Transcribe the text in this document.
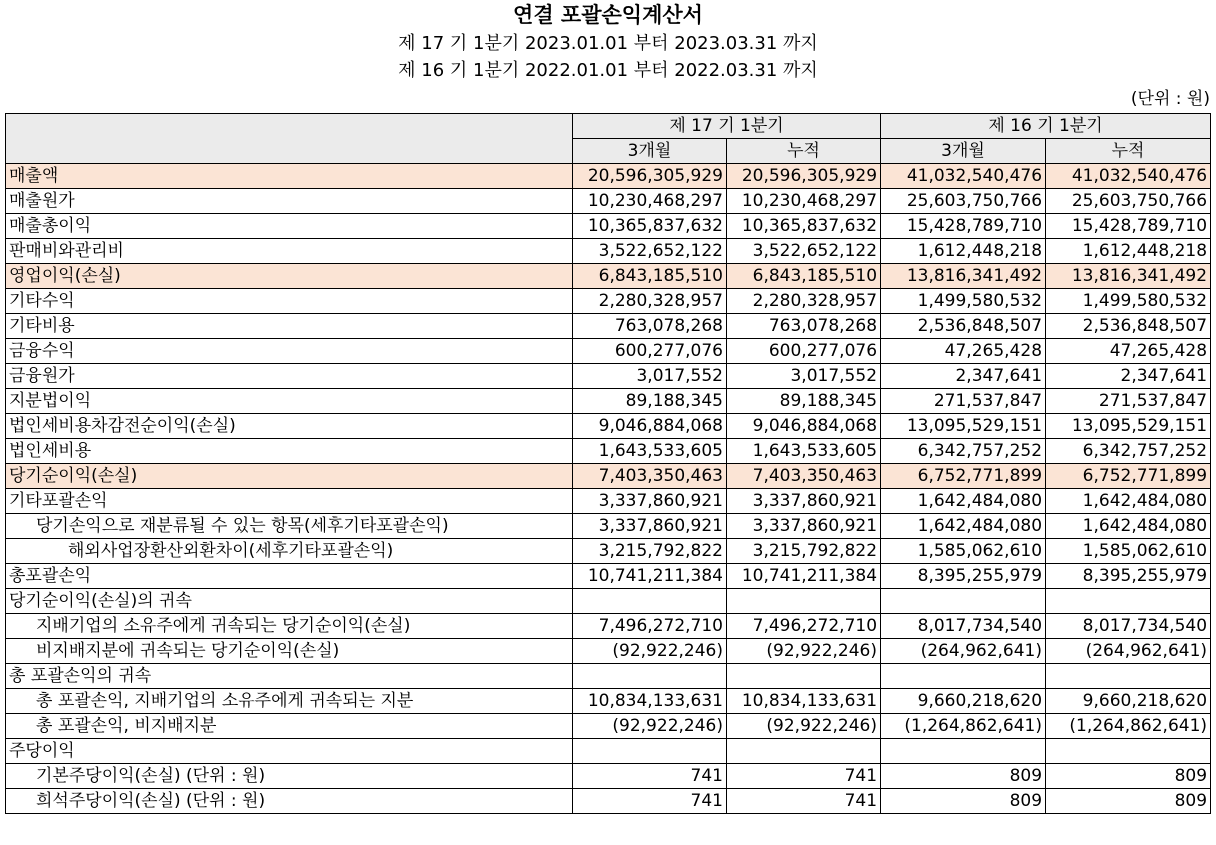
연결 포괄손익계산서
제 17 기 1분기 2023.01.01 부터 2023.03.31 까지
제 16 기 1분기 2022.01.01 부터 2022.03.31 까지
(단위 : 원)
	제 17 기 1분기		제 16 기 1분기	
	3개월	누적	3개월	누적
매출액	20,596,305,929	20,596,305,929	41,032,540,476	41,032,540,476
매출원가	10,230,468,297	10,230,468,297	25,603,750,766	25,603,750,766
매출총이익	10,365,837,632	10,365,837,632	15,428,789,710	15,428,789,710
판매비와관리비	3,522,652,122	3,522,652,122	1,612,448,218	1,612,448,218
영업이익(손실)	6,843,185,510	6,843,185,510	13,816,341,492	13,816,341,492
기타수익	2,280,328,957	2,280,328,957	1,499,580,532	1,499,580,532
기타비용	763,078,268	763,078,268	2,536,848,507	2,536,848,507
금융수익	600,277,076	600,277,076	47,265,428	47,265,428
금융원가	3,017,552	3,017,552	2,347,641	2,347,641
지분법이익	89,188,345	89,188,345	271,537,847	271,537,847
법인세비용차감전순이익(손실)	9,046,884,068	9,046,884,068	13,095,529,151	13,095,529,151
법인세비용	1,643,533,605	1,643,533,605	6,342,757,252	6,342,757,252
당기순이익(손실)	7,403,350,463	7,403,350,463	6,752,771,899	6,752,771,899
기타포괄손익	3,337,860,921	3,337,860,921	1,642,484,080	1,642,484,080
당기손익으로 재분류될 수 있는 항목(세후기타포괄손익)	3,337,860,921	3,337,860,921	1,642,484,080	1,642,484,080
해외사업장환산외환차이(세후기타포괄손익)	3,215,792,822	3,215,792,822	1,585,062,610	1,585,062,610
총포괄손익	10,741,211,384	10,741,211,384	8,395,255,979	8,395,255,979
당기순이익(손실)의 귀속				
지배기업의 소유주에게 귀속되는 당기순이익(손실)	7,496,272,710	7,496,272,710	8,017,734,540	8,017,734,540
비지배지분에 귀속되는 당기순이익(손실)	(92,922,246)	(92,922,246)	(264,962,641)	(264,962,641)
총 포괄손익의 귀속				
총 포괄손익, 지배기업의 소유주에게 귀속되는 지분	10,834,133,631	10,834,133,631	9,660,218,620	9,660,218,620
총 포괄손익, 비지배지분	(92,922,246)	(92,922,246)	(1,264,862,641)	(1,264,862,641)
주당이익				
기본주당이익(손실) (단위 : 원)	741	741	809	809
희석주당이익(손실) (단위 : 원)	741	741	809	809
